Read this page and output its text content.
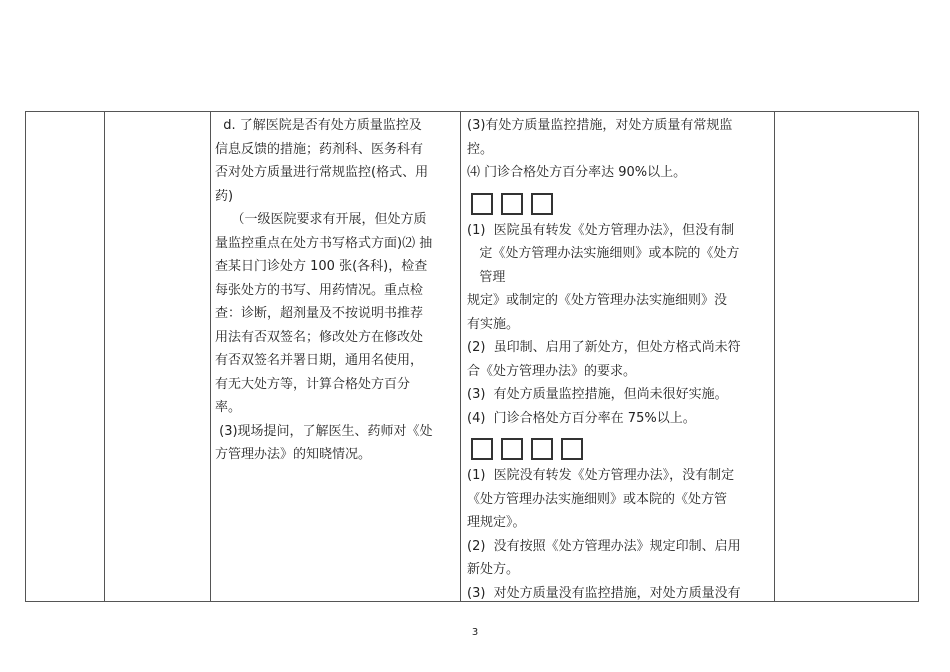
d. 了解医院是否有处方质量监控及
信息反馈的措施；药剂科、医务科有
否对处方质量进行常规监控(格式、用
药)
（一级医院要求有开展，但处方质
量监控重点在处方书写格式方面)⑵ 抽
查某日门诊处方 100 张(各科)，检查
每张处方的书写、用药情况。重点检
查：诊断，超剂量及不按说明书推荐
用法有否双签名；修改处方在修改处
有否双签名并署日期，通用名使用，
有无大处方等，计算合格处方百分
率。
(3)现场提问，了解医生、药师对《处
方管理办法》的知晓情况。
(3)有处方质量监控措施，对处方质量有常规监
控。
⑷ 门诊合格处方百分率达 90%以上。
(1)  医院虽有转发《处方管理办法》，但没有制
定《处方管理办法实施细则》或本院的《处方
管理
规定》或制定的《处方管理办法实施细则》没
有实施。
(2)  虽印制、启用了新处方，但处方格式尚未符
合《处方管理办法》的要求。
(3)  有处方质量监控措施，但尚未很好实施。
(4)  门诊合格处方百分率在 75%以上。
(1)  医院没有转发《处方管理办法》，没有制定
《处方管理办法实施细则》或本院的《处方管
理规定》。
(2)  没有按照《处方管理办法》规定印制、启用
新处方。
(3)  对处方质量没有监控措施，对处方质量没有
3
